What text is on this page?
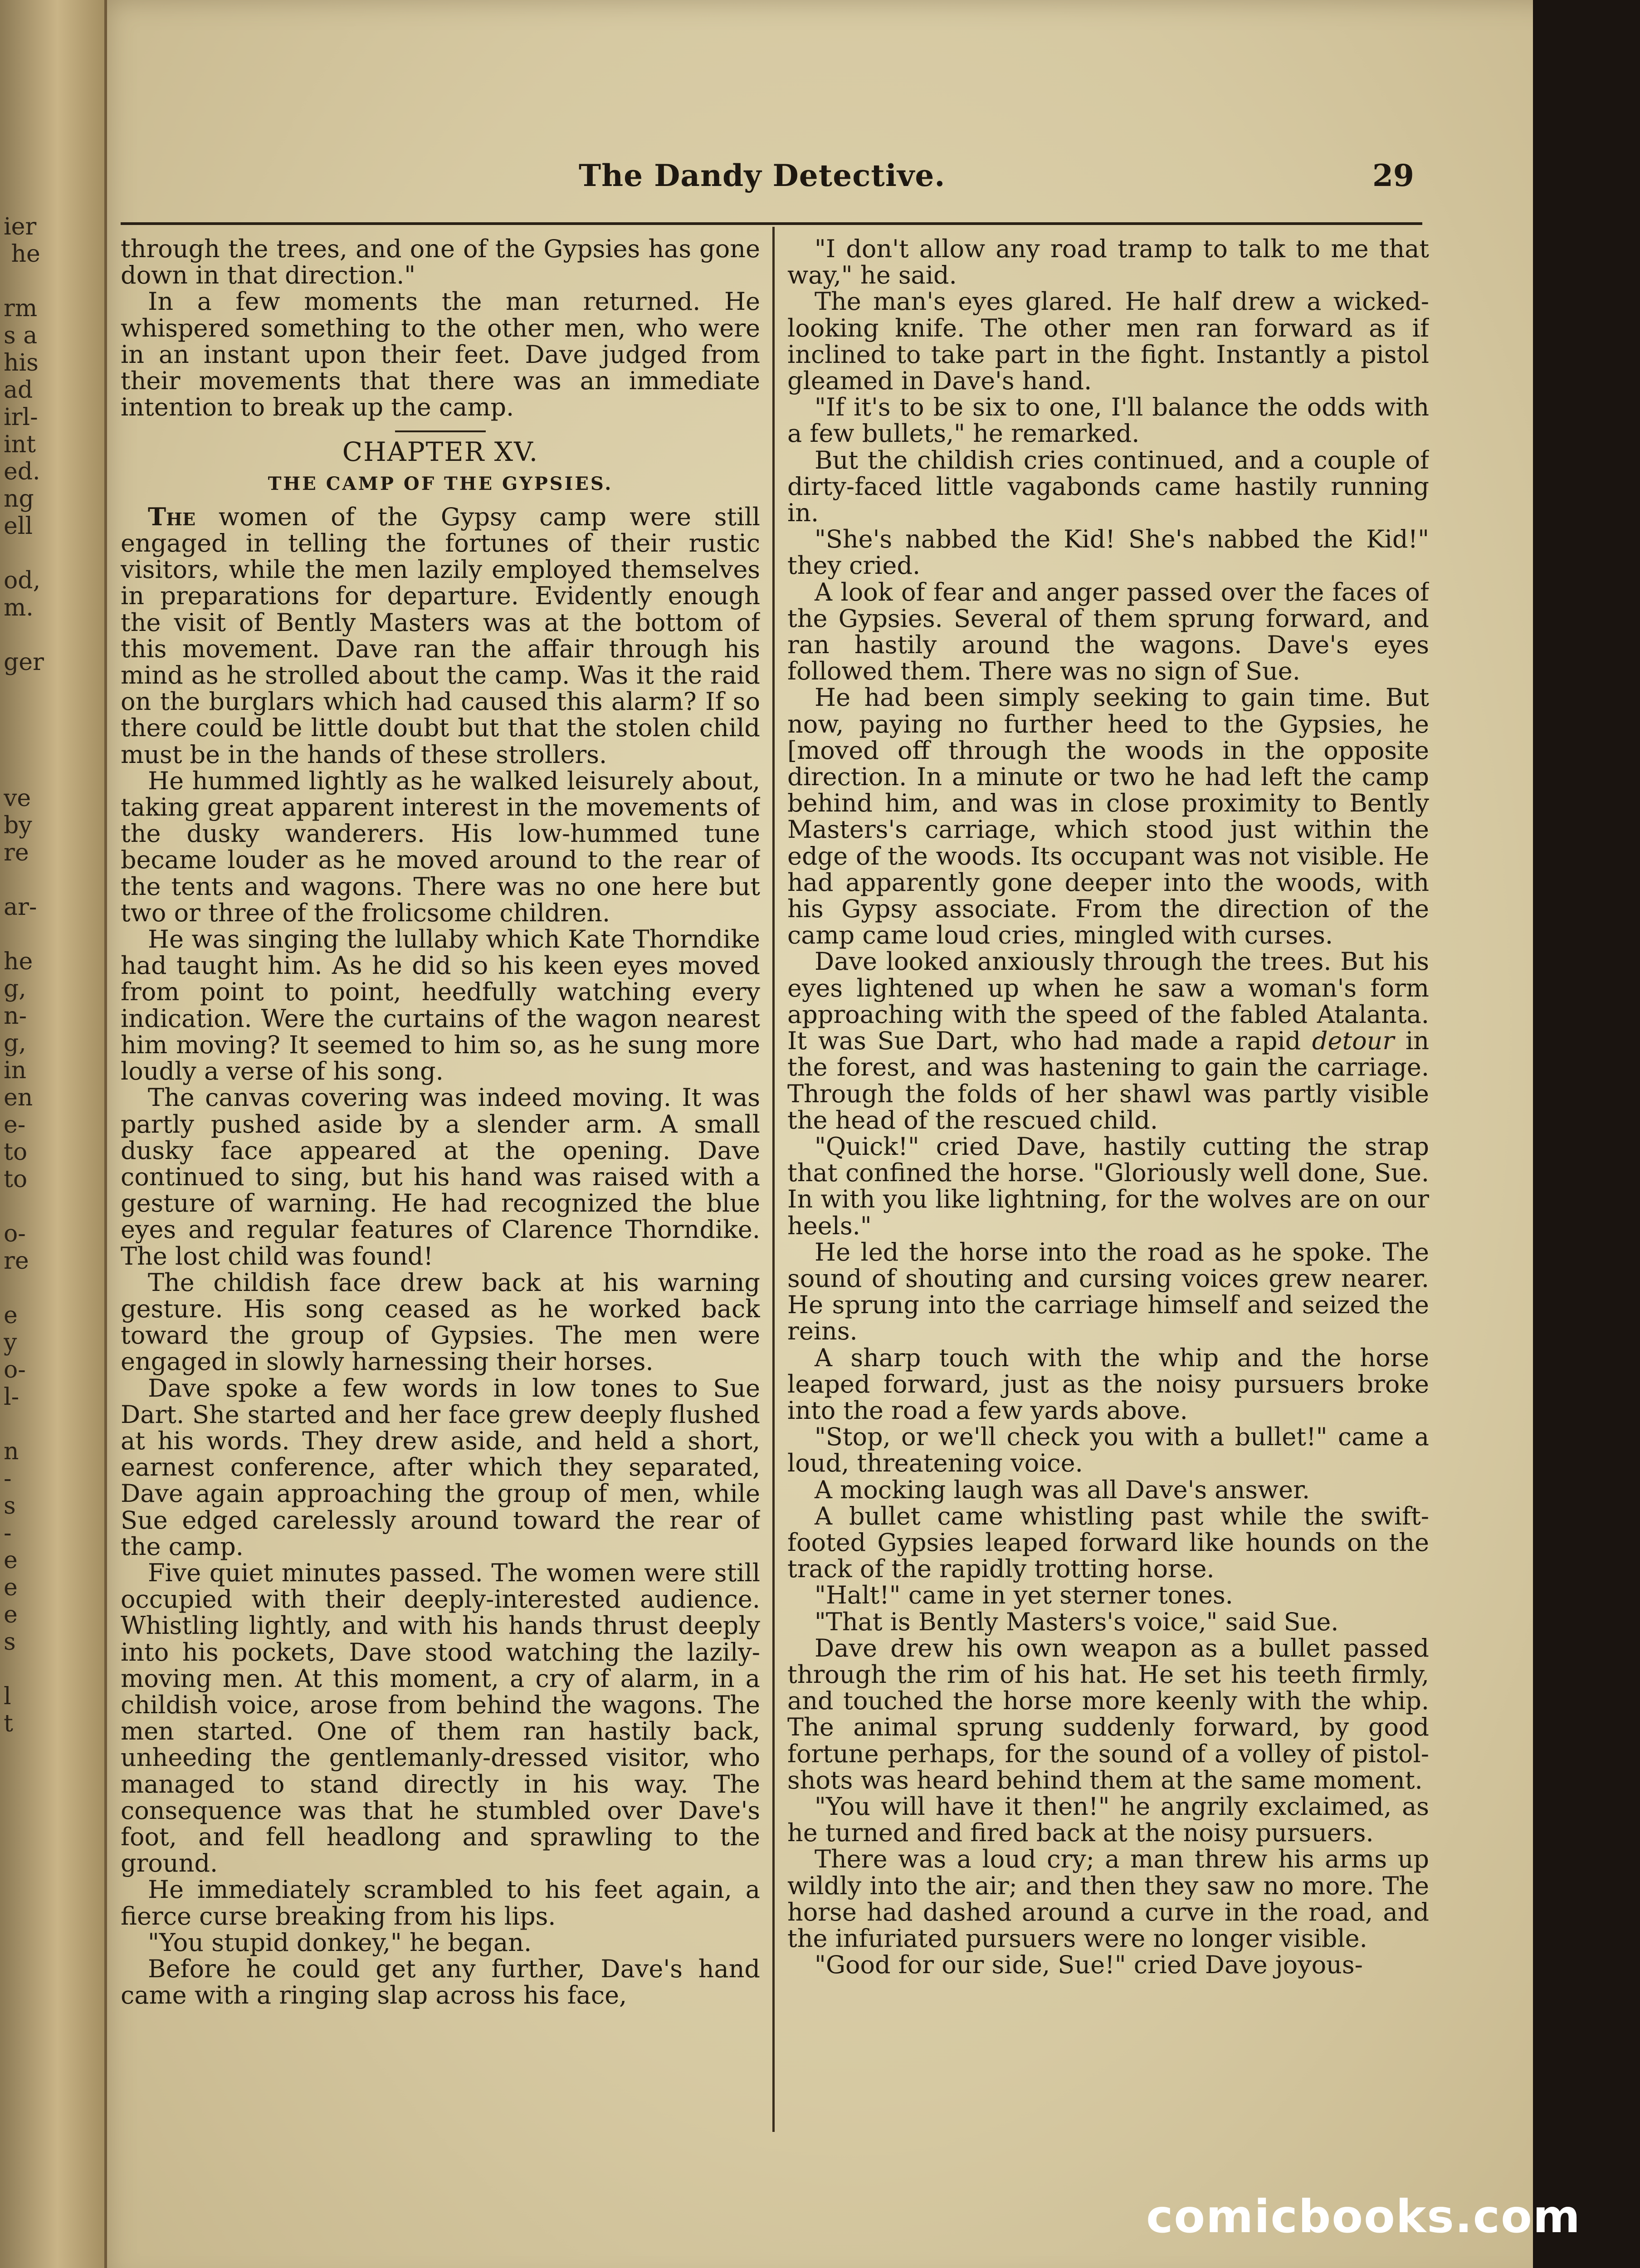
ier
he

rm
s a
his
ad
irl-
int
ed.
ng
ell

od,
m.

ger

ve
by
re

ar-

he
g,
n-
g,
in
en
e-
to
to

o-
re

e
y
o-
l-

n
-
s
-
e
e
e
s

l
t

The Dandy Detective.	29

through the trees, and one of the Gypsies has gone down in that direction."

In a few moments the man returned. He whispered something to the other men, who were in an instant upon their feet. Dave judged from their movements that there was an immediate intention to break up the camp.

CHAPTER XV.
THE CAMP OF THE GYPSIES.

The women of the Gypsy camp were still engaged in telling the fortunes of their rustic visitors, while the men lazily employed themselves in preparations for departure. Evidently enough the visit of Bently Masters was at the bottom of this movement. Dave ran the affair through his mind as he strolled about the camp. Was it the raid on the burglars which had caused this alarm? If so there could be little doubt but that the stolen child must be in the hands of these strollers.

He hummed lightly as he walked leisurely about, taking great apparent interest in the movements of the dusky wanderers. His low-hummed tune became louder as he moved around to the rear of the tents and wagons. There was no one here but two or three of the frolicsome children.

He was singing the lullaby which Kate Thorndike had taught him. As he did so his keen eyes moved from point to point, heedfully watching every indication. Were the curtains of the wagon nearest him moving? It seemed to him so, as he sung more loudly a verse of his song.

The canvas covering was indeed moving. It was partly pushed aside by a slender arm. A small dusky face appeared at the opening. Dave continued to sing, but his hand was raised with a gesture of warning. He had recognized the blue eyes and regular features of Clarence Thorndike. The lost child was found!

The childish face drew back at his warning gesture. His song ceased as he worked back toward the group of Gypsies. The men were engaged in slowly harnessing their horses.

Dave spoke a few words in low tones to Sue Dart. She started and her face grew deeply flushed at his words. They drew aside, and held a short, earnest conference, after which they separated, Dave again approaching the group of men, while Sue edged carelessly around toward the rear of the camp.

Five quiet minutes passed. The women were still occupied with their deeply-interested audience. Whistling lightly, and with his hands thrust deeply into his pockets, Dave stood watching the lazily-moving men. At this moment, a cry of alarm, in a childish voice, arose from behind the wagons. The men started. One of them ran hastily back, unheeding the gentlemanly-dressed visitor, who managed to stand directly in his way. The consequence was that he stumbled over Dave's foot, and fell headlong and sprawling to the ground.

He immediately scrambled to his feet again, a fierce curse breaking from his lips.

"You stupid donkey," he began.

Before he could get any further, Dave's hand came with a ringing slap across his face,

"I don't allow any road tramp to talk to me that way," he said.

The man's eyes glared. He half drew a wicked-looking knife. The other men ran forward as if inclined to take part in the fight. Instantly a pistol gleamed in Dave's hand.

"If it's to be six to one, I'll balance the odds with a few bullets," he remarked.

But the childish cries continued, and a couple of dirty-faced little vagabonds came hastily running in.

"She's nabbed the Kid! She's nabbed the Kid!" they cried.

A look of fear and anger passed over the faces of the Gypsies. Several of them sprung forward, and ran hastily around the wagons. Dave's eyes followed them. There was no sign of Sue.

He had been simply seeking to gain time. But now, paying no further heed to the Gypsies, he [moved off through the woods in the opposite direction. In a minute or two he had left the camp behind him, and was in close proximity to Bently Masters's carriage, which stood just within the edge of the woods. Its occupant was not visible. He had apparently gone deeper into the woods, with his Gypsy associate. From the direction of the camp came loud cries, mingled with curses.

Dave looked anxiously through the trees. But his eyes lightened up when he saw a woman's form approaching with the speed of the fabled Atalanta. It was Sue Dart, who had made a rapid detour in the forest, and was hastening to gain the carriage. Through the folds of her shawl was partly visible the head of the rescued child.

"Quick!" cried Dave, hastily cutting the strap that confined the horse. "Gloriously well done, Sue. In with you like lightning, for the wolves are on our heels."

He led the horse into the road as he spoke. The sound of shouting and cursing voices grew nearer. He sprung into the carriage himself and seized the reins.

A sharp touch with the whip and the horse leaped forward, just as the noisy pursuers broke into the road a few yards above.

"Stop, or we'll check you with a bullet!" came a loud, threatening voice.

A mocking laugh was all Dave's answer.

A bullet came whistling past while the swift-footed Gypsies leaped forward like hounds on the track of the rapidly trotting horse.

"Halt!" came in yet sterner tones.

"That is Bently Masters's voice," said Sue.

Dave drew his own weapon as a bullet passed through the rim of his hat. He set his teeth firmly, and touched the horse more keenly with the whip. The animal sprung suddenly forward, by good fortune perhaps, for the sound of a volley of pistol-shots was heard behind them at the same moment.

"You will have it then!" he angrily exclaimed, as he turned and fired back at the noisy pursuers.

There was a loud cry; a man threw his arms up wildly into the air; and then they saw no more. The horse had dashed around a curve in the road, and the infuriated pursuers were no longer visible.

"Good for our side, Sue!" cried Dave joyous-

comicbooks.com
